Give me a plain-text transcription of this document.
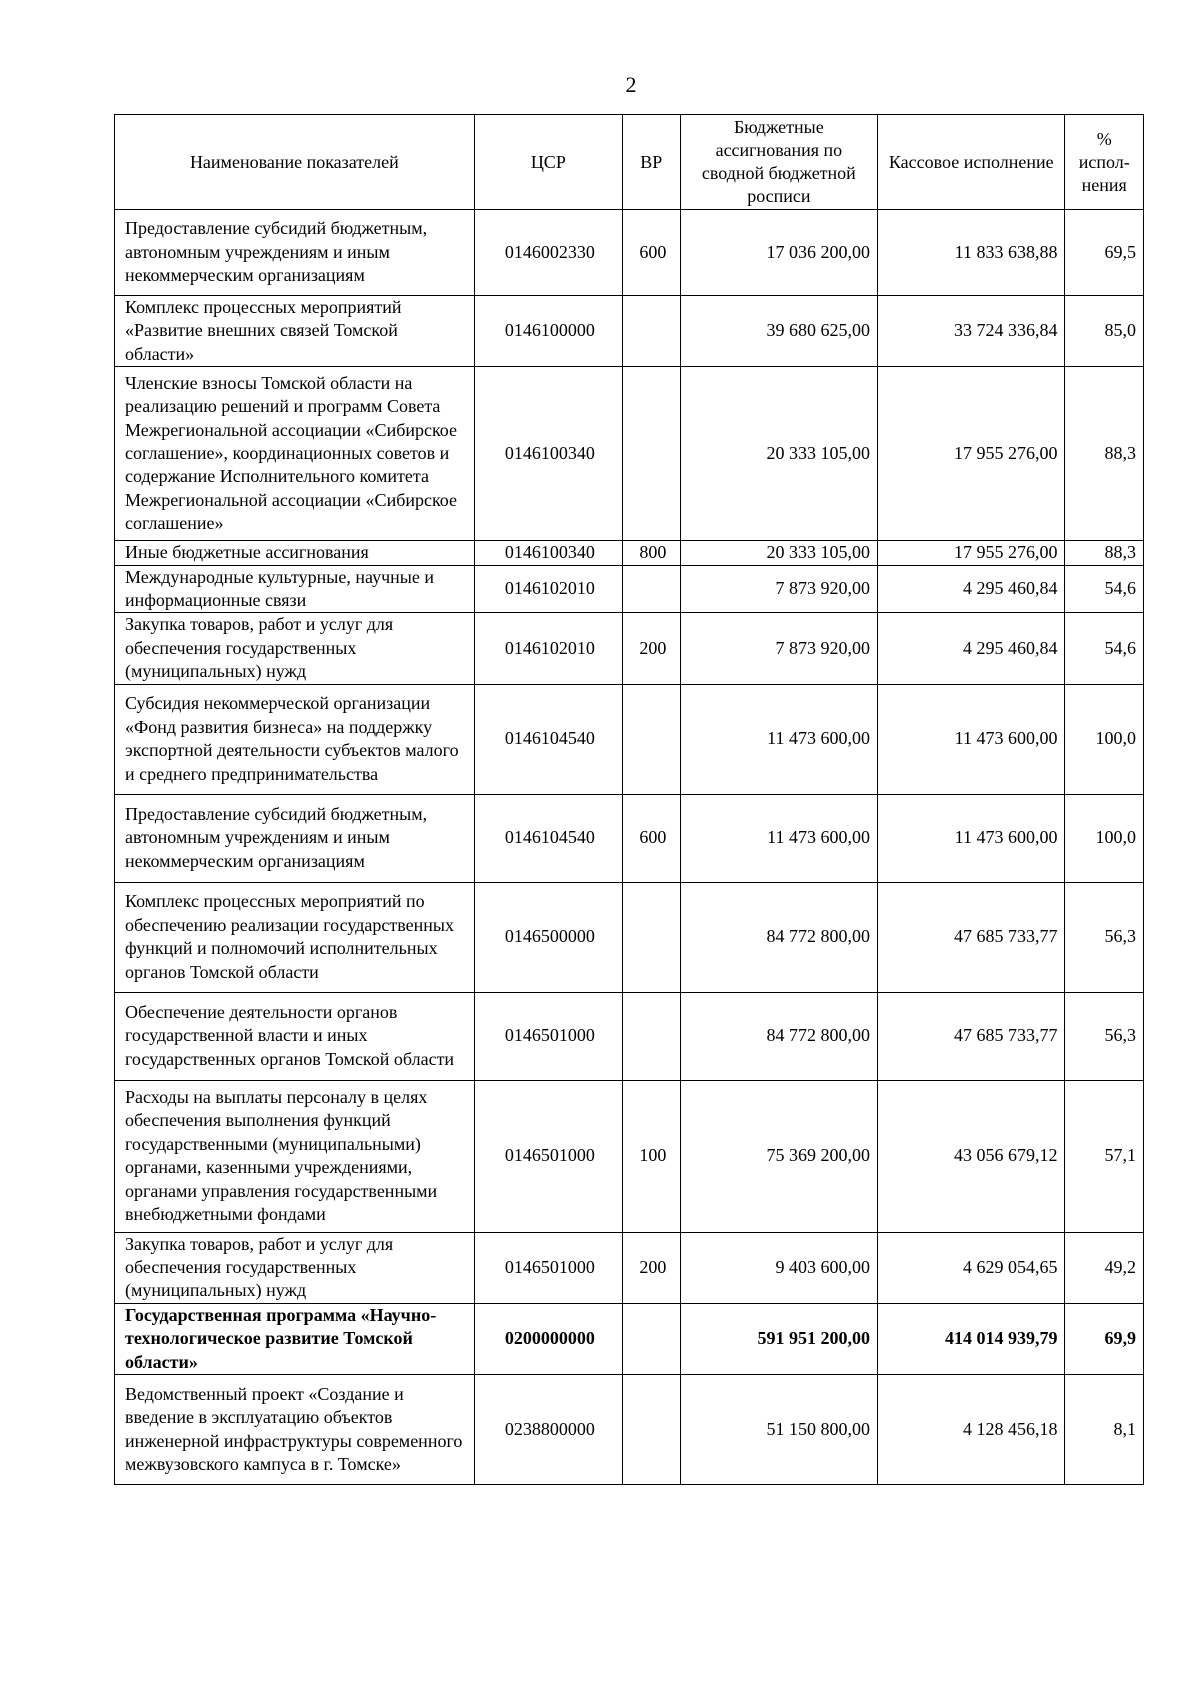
2
Наименование показателей	ЦСР	ВР	Бюджетные ассигнования по сводной бюджетной росписи	Кассовое исполнение	% испол-нения
Предоставление субсидий бюджетным, автономным учреждениям и иным некоммерческим организациям	0146002330	600	17 036 200,00	11 833 638,88	69,5
Комплекс процессных мероприятий «Развитие внешних связей Томской области»	0146100000		39 680 625,00	33 724 336,84	85,0
Членские взносы Томской области на реализацию решений и программ Совета Межрегиональной ассоциации «Сибирское соглашение», координационных советов и содержание Исполнительного комитета Межрегиональной ассоциации «Сибирское соглашение»	0146100340		20 333 105,00	17 955 276,00	88,3
Иные бюджетные ассигнования	0146100340	800	20 333 105,00	17 955 276,00	88,3
Международные культурные, научные и информационные связи	0146102010		7 873 920,00	4 295 460,84	54,6
Закупка товаров, работ и услуг для обеспечения государственных (муниципальных) нужд	0146102010	200	7 873 920,00	4 295 460,84	54,6
Субсидия некоммерческой организации «Фонд развития бизнеса» на поддержку экспортной деятельности субъектов малого и среднего предпринимательства	0146104540		11 473 600,00	11 473 600,00	100,0
Предоставление субсидий бюджетным, автономным учреждениям и иным некоммерческим организациям	0146104540	600	11 473 600,00	11 473 600,00	100,0
Комплекс процессных мероприятий по обеспечению реализации государственных функций и полномочий исполнительных органов Томской области	0146500000		84 772 800,00	47 685 733,77	56,3
Обеспечение деятельности органов государственной власти и иных государственных органов Томской области	0146501000		84 772 800,00	47 685 733,77	56,3
Расходы на выплаты персоналу в целях обеспечения выполнения функций государственными (муниципальными) органами, казенными учреждениями, органами управления государственными внебюджетными фондами	0146501000	100	75 369 200,00	43 056 679,12	57,1
Закупка товаров, работ и услуг для обеспечения государственных (муниципальных) нужд	0146501000	200	9 403 600,00	4 629 054,65	49,2
Государственная программа «Научно-технологическое развитие Томской области»	0200000000		591 951 200,00	414 014 939,79	69,9
Ведомственный проект «Создание и введение в эксплуатацию объектов инженерной инфраструктуры современного межвузовского кампуса в г. Томске»	0238800000		51 150 800,00	4 128 456,18	8,1
